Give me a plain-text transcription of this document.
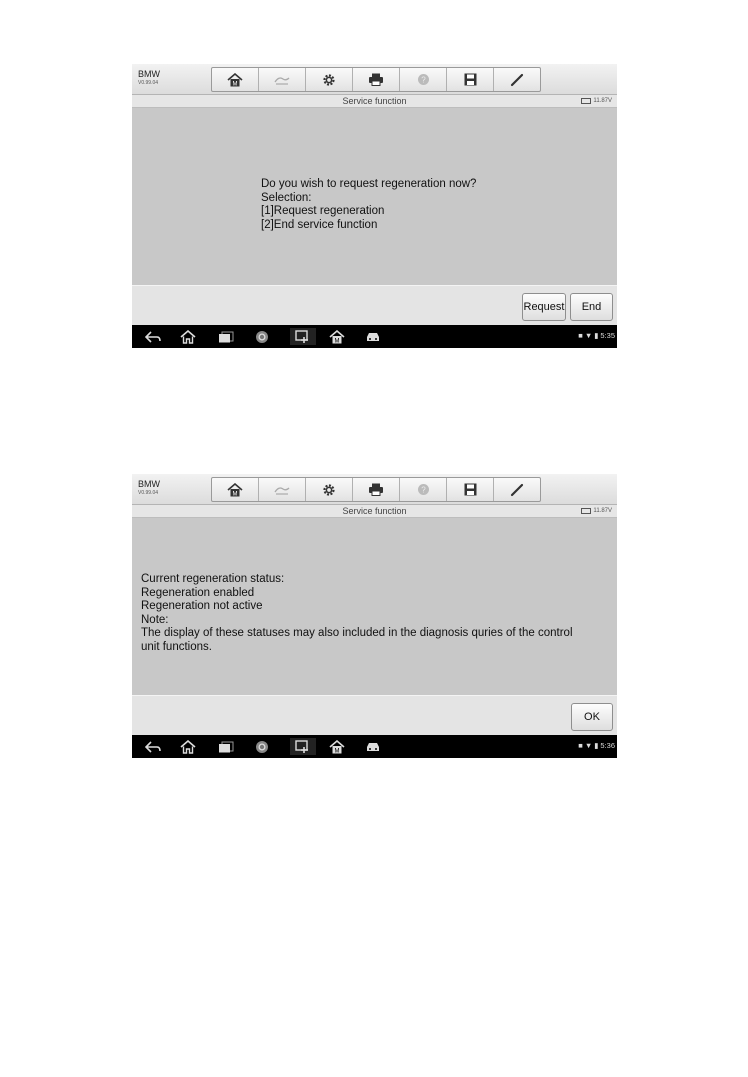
BMW
V0.99.04	M	?
Service function	11.87V
Do you wish to request regeneration now?
Selection:
[1]Request regeneration
[2]End service function
Request	End
M
■ ▼ ▮ 5:35
BMW
V0.99.04	M	?
Service function	11.87V
Current regeneration status:
Regeneration enabled
Regeneration not active
Note:
The display of these statuses may also included in the diagnosis quries of the control
unit functions.
OK
M
■ ▼ ▮ 5:36
